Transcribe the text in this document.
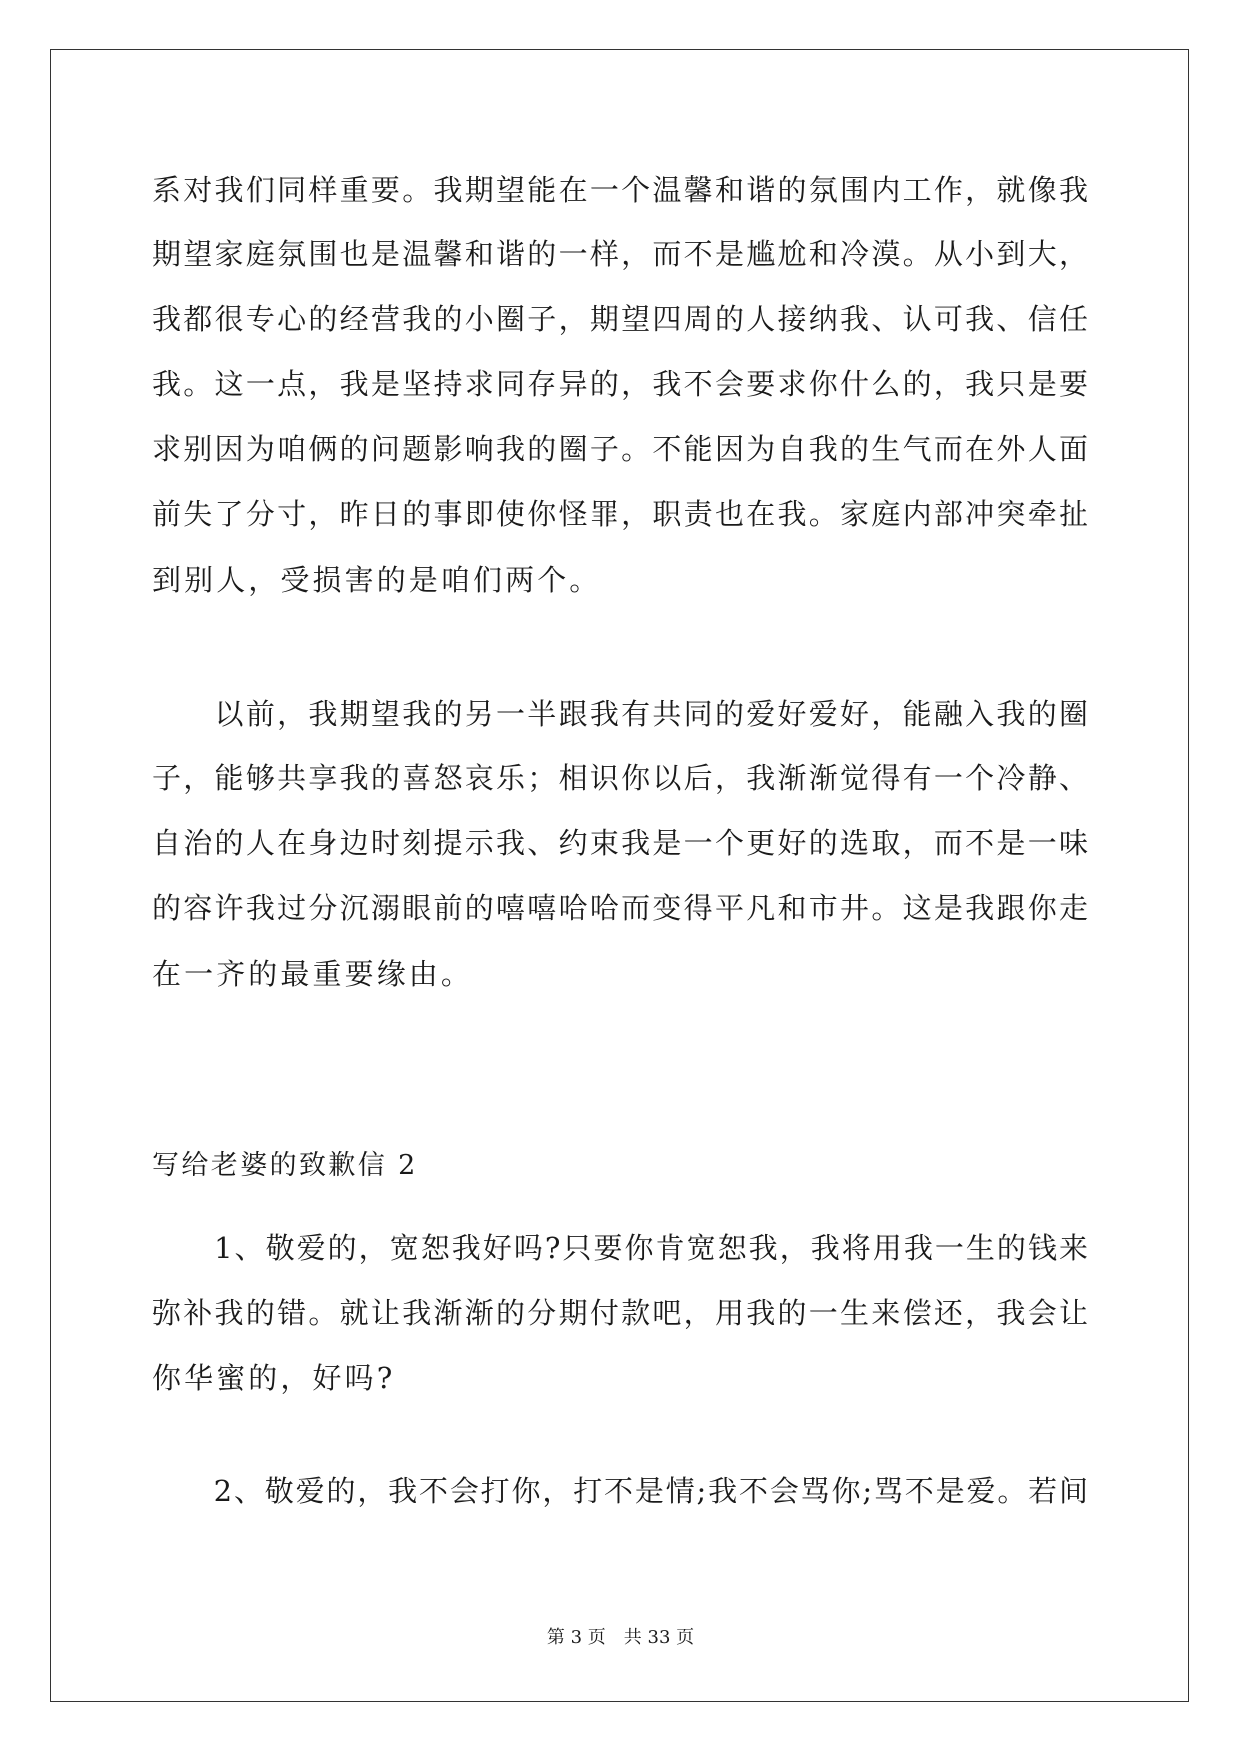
系对我们同样重要。我期望能在一个温馨和谐的氛围内工作，就像我
期望家庭氛围也是温馨和谐的一样，而不是尴尬和冷漠。从小到大，
我都很专心的经营我的小圈子，期望四周的人接纳我、认可我、信任
我。这一点，我是坚持求同存异的，我不会要求你什么的，我只是要
求别因为咱俩的问题影响我的圈子。不能因为自我的生气而在外人面
前失了分寸，昨日的事即使你怪罪，职责也在我。家庭内部冲突牵扯
到别人，受损害的是咱们两个。
　　以前，我期望我的另一半跟我有共同的爱好爱好，能融入我的圈
子，能够共享我的喜怒哀乐；相识你以后，我渐渐觉得有一个冷静、
自治的人在身边时刻提示我、约束我是一个更好的选取，而不是一味
的容许我过分沉溺眼前的嘻嘻哈哈而变得平凡和市井。这是我跟你走
在一齐的最重要缘由。
写给老婆的致歉信 2
　　1、敬爱的，宽恕我好吗?只要你肯宽恕我，我将用我一生的钱来
弥补我的错。就让我渐渐的分期付款吧，用我的一生来偿还，我会让
你华蜜的，好吗?
　　2、敬爱的，我不会打你，打不是情;我不会骂你;骂不是爱。若间
第 3 页　共 33 页
